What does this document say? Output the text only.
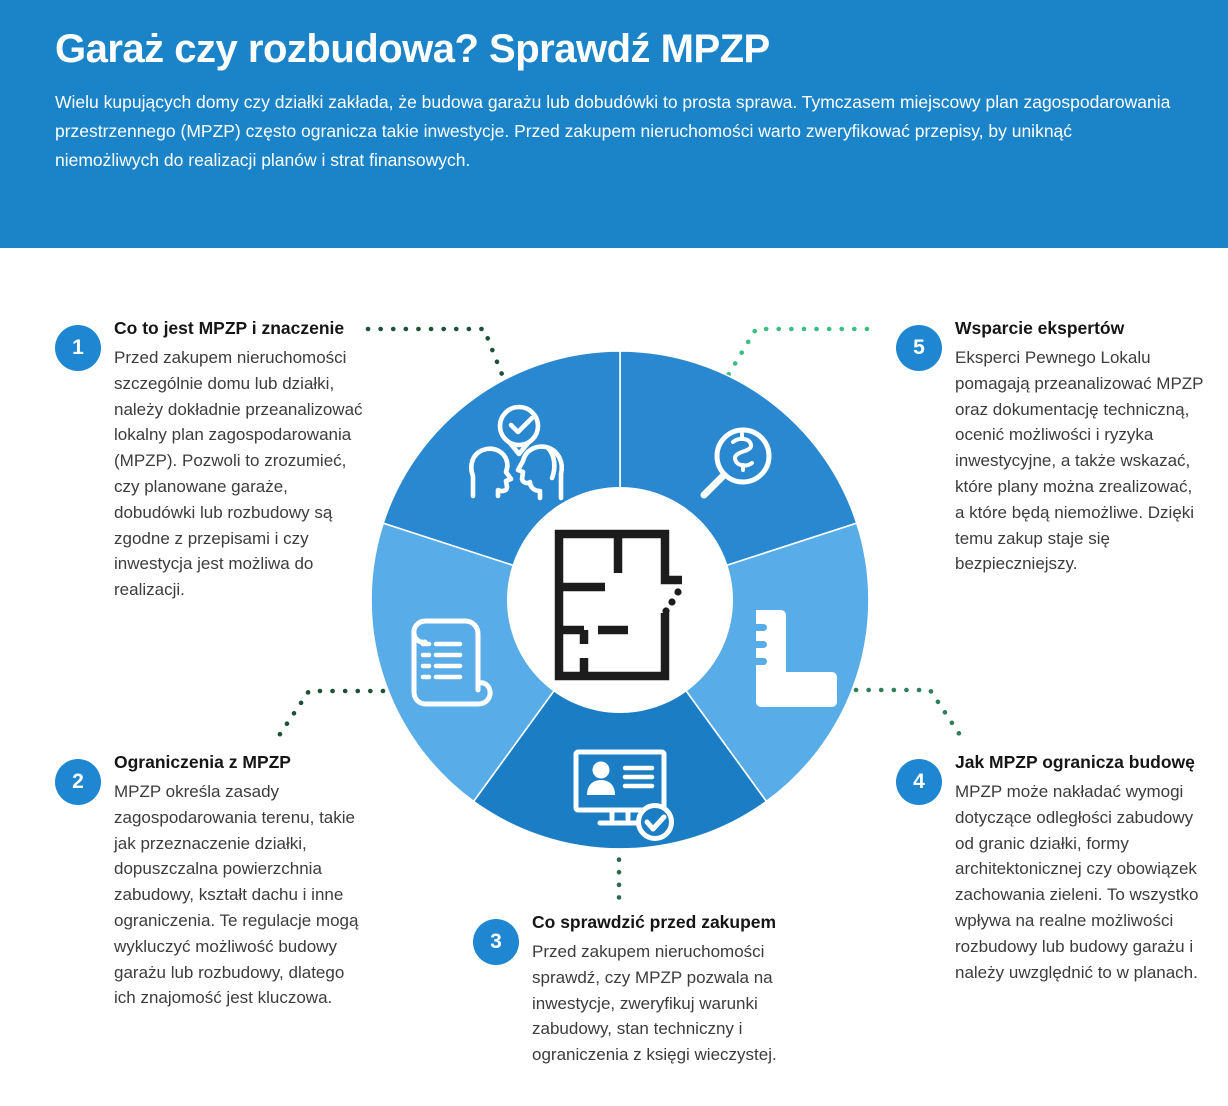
Garaż czy rozbudowa? Sprawdź MPZP

Wielu kupujących domy czy działki zakłada, że budowa garażu lub dobudówki to prosta sprawa. Tymczasem miejscowy plan zagospodarowania przestrzennego (MPZP) często ogranicza takie inwestycje. Przed zakupem nieruchomości warto zweryfikować przepisy, by uniknąć niemożliwych do realizacji planów i strat finansowych.

1
Co to jest MPZP i znaczenie

Przed zakupem nieruchomości szczególnie domu lub działki, należy dokładnie przeanalizować lokalny plan zagospodarowania (MPZP). Pozwoli to zrozumieć, czy planowane garaże, dobudówki lub rozbudowy są zgodne z przepisami i czy inwestycja jest możliwa do realizacji.

2
Ograniczenia z MPZP

MPZP określa zasady zagospodarowania terenu, takie jak przeznaczenie działki, dopuszczalna powierzchnia zabudowy, kształt dachu i inne ograniczenia. Te regulacje mogą wykluczyć możliwość budowy garażu lub rozbudowy, dlatego ich znajomość jest kluczowa.

3
Co sprawdzić przed zakupem

Przed zakupem nieruchomości sprawdź, czy MPZP pozwala na inwestycje, zweryfikuj warunki zabudowy, stan techniczny i ograniczenia z księgi wieczystej.

4
Jak MPZP ogranicza budowę

MPZP może nakładać wymogi dotyczące odległości zabudowy od granic działki, formy architektonicznej czy obowiązek zachowania zieleni. To wszystko wpływa na realne możliwości rozbudowy lub budowy garażu i należy uwzględnić to w planach.

5
Wsparcie ekspertów

Eksperci Pewnego Lokalu pomagają przeanalizować MPZP oraz dokumentację techniczną, ocenić możliwości i ryzyka inwestycyjne, a także wskazać, które plany można zrealizować, a które będą niemożliwe. Dzięki temu zakup staje się bezpieczniejszy.
